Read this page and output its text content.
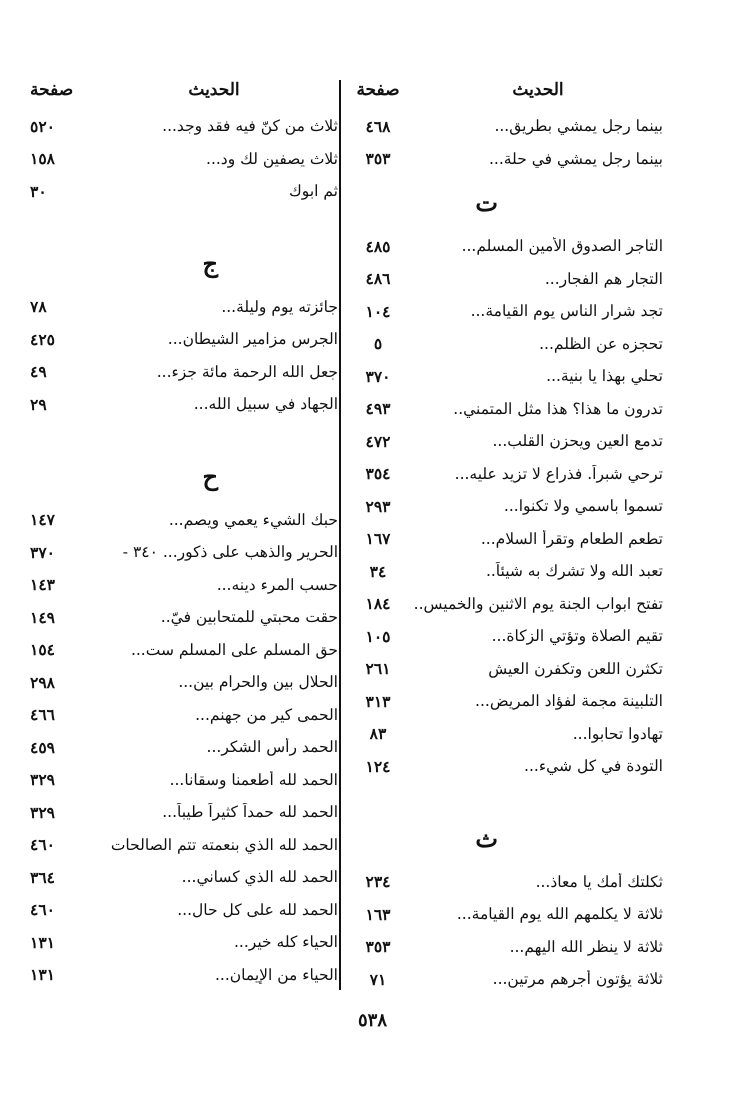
الحديث
صفحة
بينما رجل يمشي بطريق...
٤٦٨
بينما رجل يمشي في حلة...
٣٥٣
ت
التاجر الصدوق الأمين المسلم...
٤٨٥
التجار هم الفجار...
٤٨٦
تجد شرار الناس يوم القيامة...
١٠٤
تحجزه عن الظلم...
٥
تحلي بهذا يا بنية...
٣٧٠
تدرون ما هذا؟ هذا مثل المتمني..
٤٩٣
تدمع العين ويحزن القلب...
٤٧٢
ترحي شبراً. فذراع لا تزيد عليه...
٣٥٤
تسموا باسمي ولا تكنوا...
٢٩٣
تطعم الطعام وتقرأ السلام...
١٦٧
تعبد الله ولا تشرك به شيئاً..
٣٤
تفتح ابواب الجنة يوم الاثنين والخميس..
١٨٤
تقيم الصلاة وتؤتي الزكاة...
١٠٥
تكثرن اللعن وتكفرن العيش
٢٦١
التلبينة مجمة لفؤاد المريض...
٣١٣
تهادوا تحابوا...
٨٣
التودة في كل شيء...
١٢٤
ث
ثكلتك أمك يا معاذ...
٢٣٤
ثلاثة لا يكلمهم الله يوم القيامة...
١٦٣
ثلاثة لا ينظر الله اليهم...
٣٥٣
ثلاثة يؤتون أجرهم مرتين...
٧١
الحديث
صفحة
ثلاث من كنّ فيه فقد وجد...
٥٢٠
ثلاث يصفين لك ود...
١٥٨
ثم ابوك
٣٠
ج
جائزته يوم وليلة...
٧٨
الجرس مزامير الشيطان...
٤٢٥
جعل الله الرحمة مائة جزء...
٤٩
الجهاد في سبيل الله...
٢٩
ح
حبك الشيء يعمي ويصم...
١٤٧
الحرير والذهب على ذكور... ٣٤٠ -
٣٧٠
حسب المرء دينه...
١٤٣
حقت محبتي للمتحابين فيّ..
١٤٩
حق المسلم على المسلم ست...
١٥٤
الحلال بين والحرام بين...
٢٩٨
الحمى كير من جهنم...
٤٦٦
الحمد رأس الشكر...
٤٥٩
الحمد لله أطعمنا وسقانا...
٣٢٩
الحمد لله حمداً كثيراً طيباً...
٣٢٩
الحمد لله الذي بنعمته تتم الصالحات
٤٦٠
الحمد لله الذي كساني...
٣٦٤
الحمد لله على كل حال...
٤٦٠
الحياء كله خير...
١٣١
الحياء من الإيمان...
١٣١
٥٣٨
